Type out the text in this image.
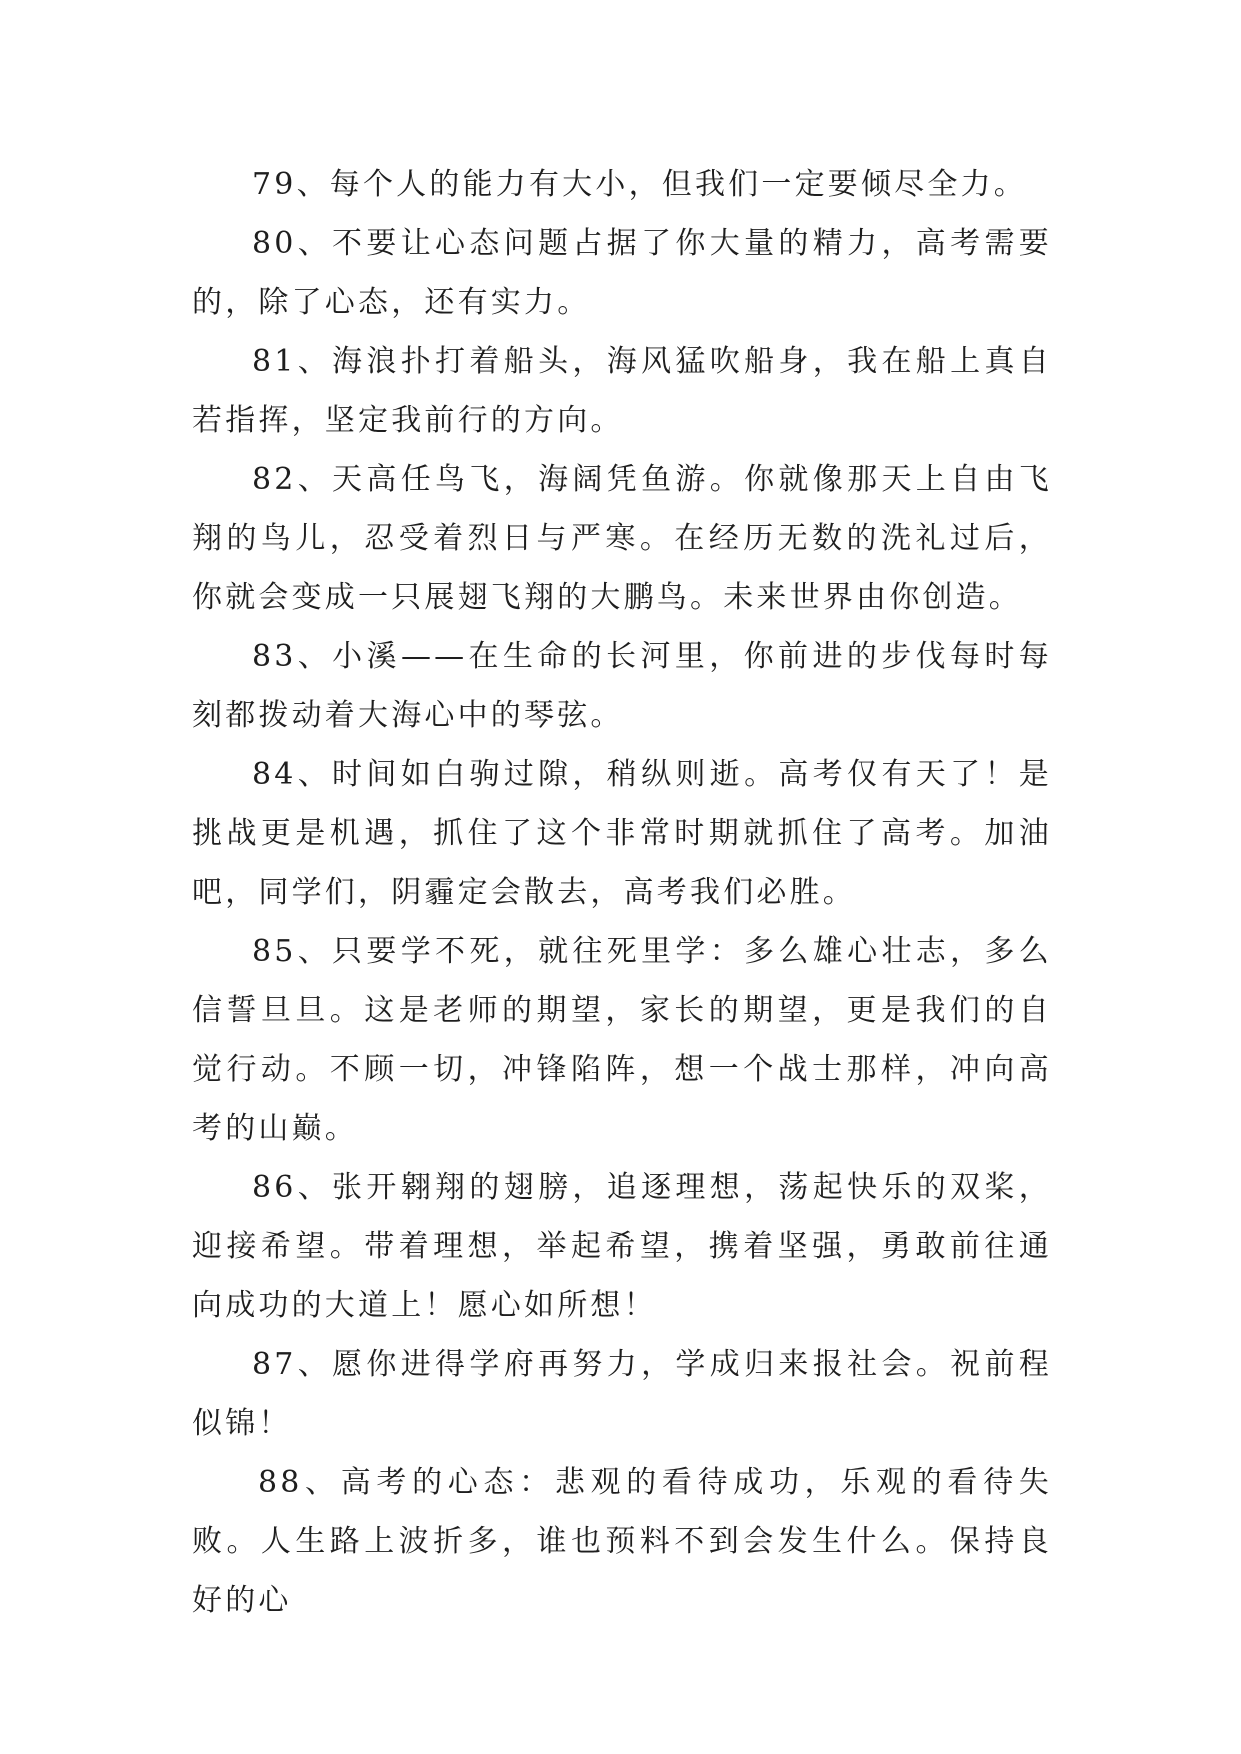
79、每个人的能力有大小，但我们一定要倾尽全力。

80、不要让心态问题占据了你大量的精力，高考需要的，除了心态，还有实力。

81、海浪扑打着船头，海风猛吹船身，我在船上真自若指挥，坚定我前行的方向。

82、天高任鸟飞，海阔凭鱼游。你就像那天上自由飞翔的鸟儿，忍受着烈日与严寒。在经历无数的洗礼过后，你就会变成一只展翅飞翔的大鹏鸟。未来世界由你创造。

83、小溪——在生命的长河里，你前进的步伐每时每刻都拨动着大海心中的琴弦。

84、时间如白驹过隙，稍纵则逝。高考仅有天了！是挑战更是机遇，抓住了这个非常时期就抓住了高考。加油吧，同学们，阴霾定会散去，高考我们必胜。

85、只要学不死，就往死里学：多么雄心壮志，多么信誓旦旦。这是老师的期望，家长的期望，更是我们的自觉行动。不顾一切，冲锋陷阵，想一个战士那样，冲向高考的山巅。

86、张开翱翔的翅膀，追逐理想，荡起快乐的双桨，迎接希望。带着理想，举起希望，携着坚强，勇敢前往通向成功的大道上！愿心如所想！

87、愿你进得学府再努力，学成归来报社会。祝前程似锦！

88、高考的心态：悲观的看待成功，乐观的看待失败。人生路上波折多，谁也预料不到会发生什么。保持良好的心
